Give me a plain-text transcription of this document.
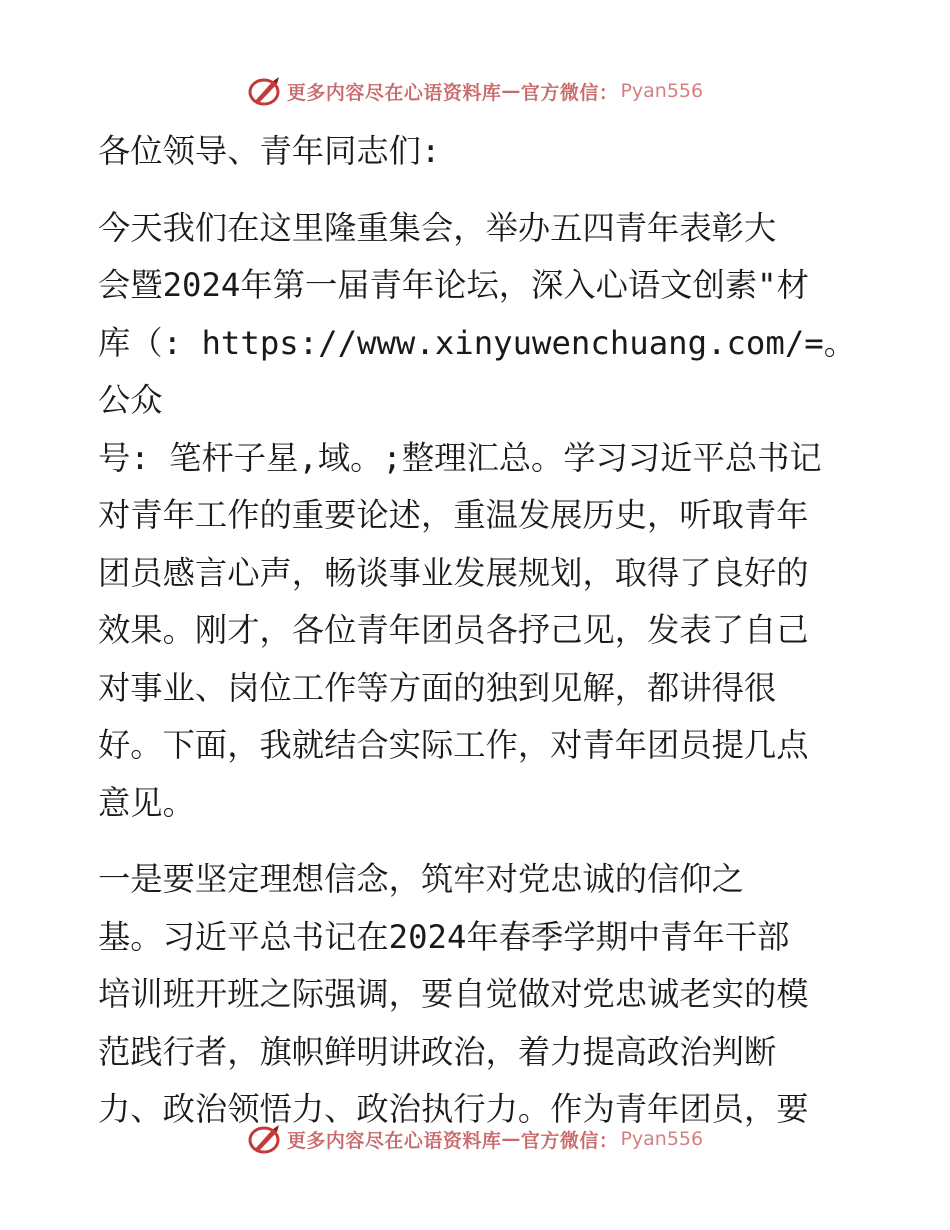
更多内容尽在心语资料库 — 官方微信： Pyan556

各位领导、青年同志们:

今天我们在这里隆重集会，举办五四青年表彰大

会暨2024年第一届青年论坛，深入心语文创素"材

库（: https://www.xinyuwenchuang.com/=。公众

号: 笔杆子星,域。;整理汇总。学习习近平总书记

对青年工作的重要论述，重温发展历史，听取青年

团员感言心声，畅谈事业发展规划，取得了良好的

效果。刚才，各位青年团员各抒己见，发表了自己

对事业、岗位工作等方面的独到见解，都讲得很

好。下面，我就结合实际工作，对青年团员提几点

意见。

一是要坚定理想信念，筑牢对党忠诚的信仰之

基。习近平总书记在2024年春季学期中青年干部

培训班开班之际强调，要自觉做对党忠诚老实的模

范践行者，旗帜鲜明讲政治，着力提高政治判断

力、政治领悟力、政治执行力。作为青年团员，要

更多内容尽在心语资料库 — 官方微信： Pyan556
